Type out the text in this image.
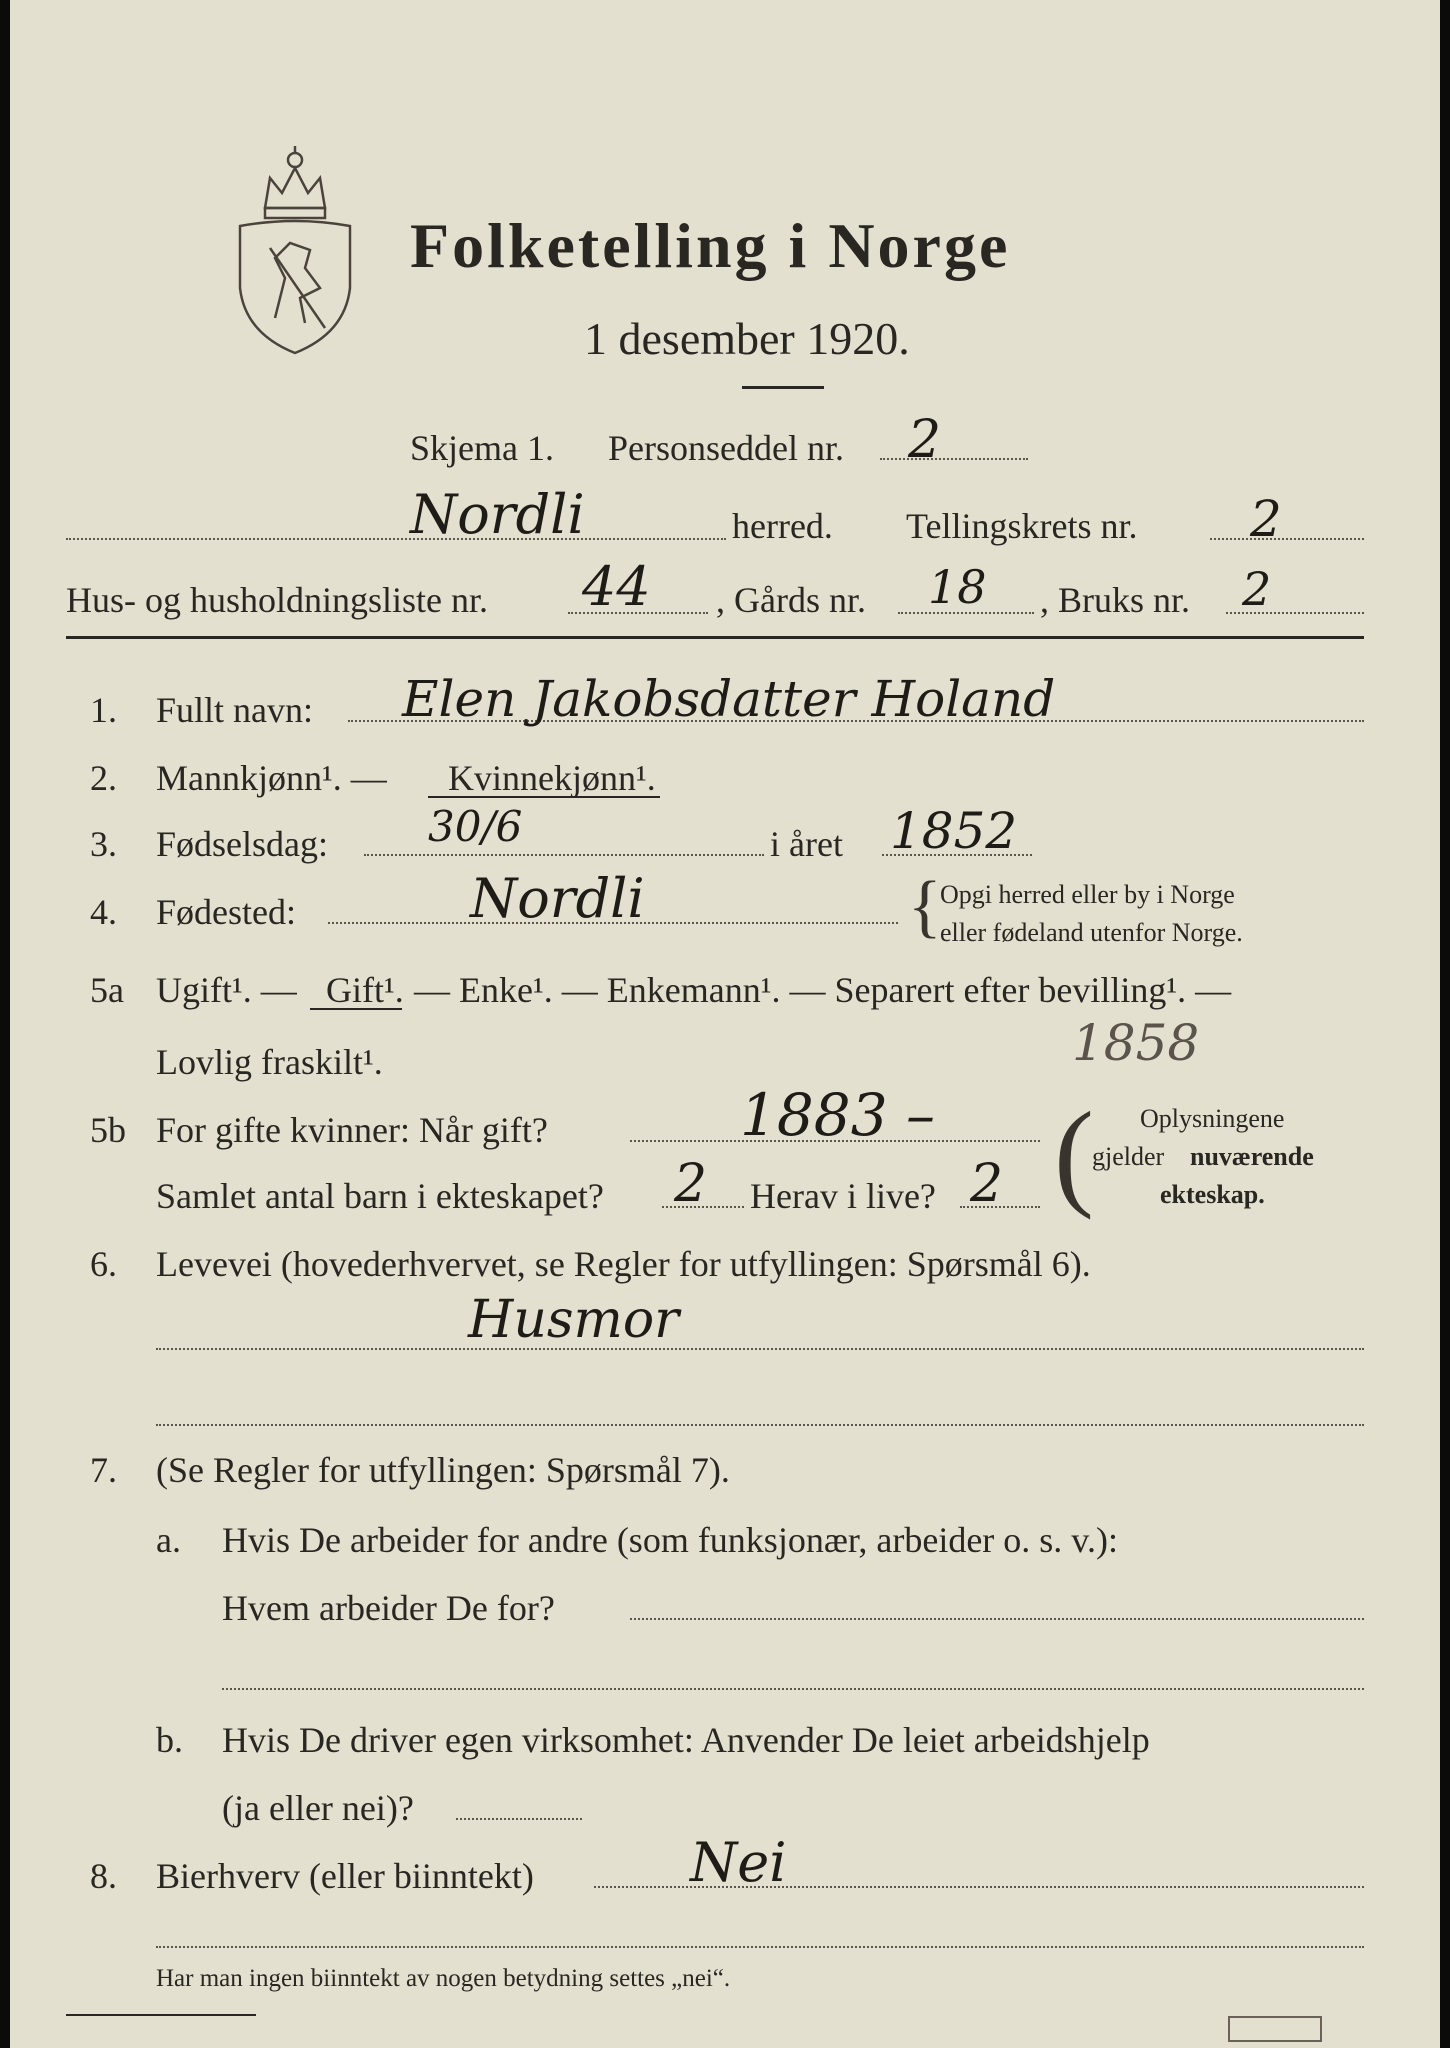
Folketelling i Norge
1 desember 1920.
Skjema 1. Personseddel nr. 2
Nordli	herred. Tellingskrets nr. 2
Hus- og husholdningsliste nr. 44 , Gårds nr. 18 , Bruks nr. 2
1. Fullt navn: Elen Jakobsdatter Holand
2. Mannkjønn¹. — Kvinnekjønn¹.
3. Fødselsdag: 30/6	i året 1852
4. Fødested:	Nordli	{
Opgi herred eller by i Norge
eller fødeland utenfor Norge.
5a Ugift¹. — Gift¹. — Enke¹. — Enkemann¹. — Separert efter bevilling¹. —
Lovlig fraskilt¹.	1858
5b For gifte kvinner: Når gift?	1883 –
Samlet antal barn i ekteskapet? 2 Herav i live? 2 ( Oplysningene
gjelder nuværende
ekteskap.
6. Levevei (hovederhvervet, se Regler for utfyllingen: Spørsmål 6).
Husmor
7. (Se Regler for utfyllingen: Spørsmål 7).
a. Hvis De arbeider for andre (som funksjonær, arbeider o. s. v.):
Hvem arbeider De for?
b. Hvis De driver egen virksomhet: Anvender De leiet arbeidshjelp
(ja eller nei)?
8. Bierhverv (eller biinntekt)	Nei
Har man ingen biinntekt av nogen betydning settes „nei“.
